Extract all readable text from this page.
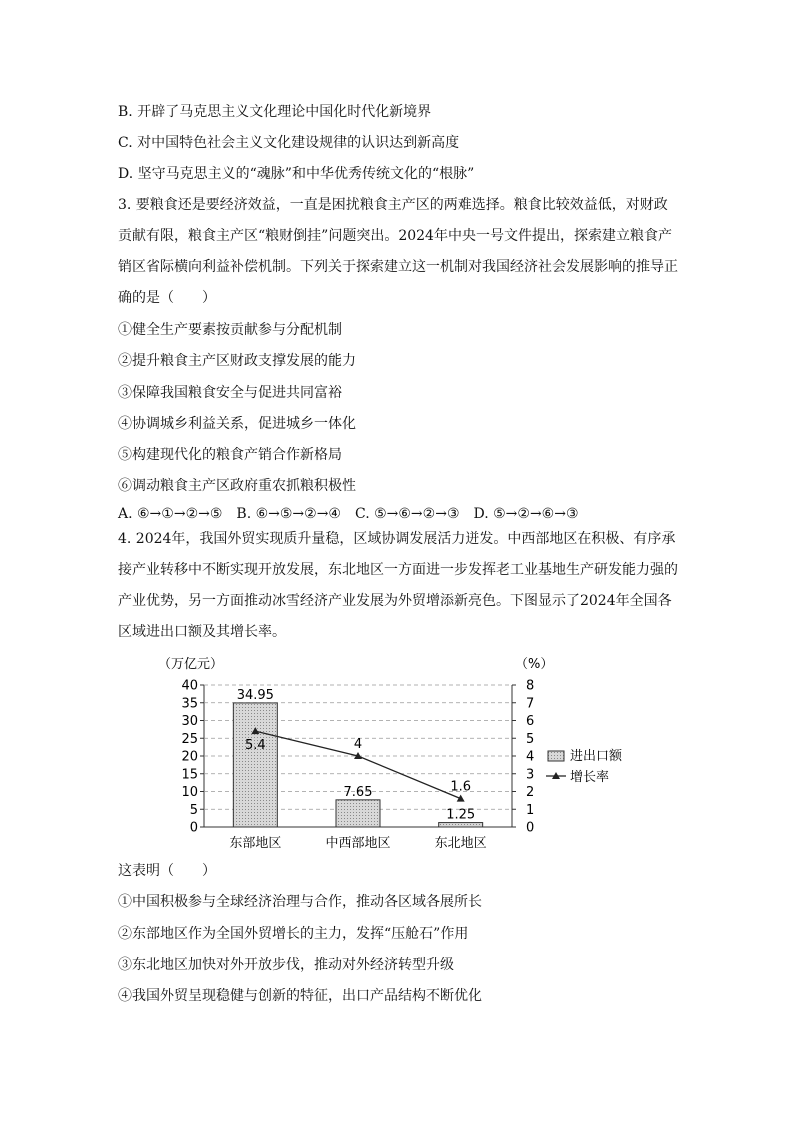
B. 开辟了马克思主义文化理论中国化时代化新境界
C. 对中国特色社会主义文化建设规律的认识达到新高度
D. 坚守马克思主义的“魂脉”和中华优秀传统文化的“根脉”
3. 要粮食还是要经济效益，一直是困扰粮食主产区的两难选择。粮食比较效益低，对财政
贡献有限，粮食主产区“粮财倒挂”问题突出。2024年中央一号文件提出，探索建立粮食产
销区省际横向利益补偿机制。下列关于探索建立这一机制对我国经济社会发展影响的推导正
确的是（　　）
①健全生产要素按贡献参与分配机制
②提升粮食主产区财政支撑发展的能力
③保障我国粮食安全与促进共同富裕
④协调城乡利益关系，促进城乡一体化
⑤构建现代化的粮食产销合作新格局
⑥调动粮食主产区政府重农抓粮积极性
A. ⑥→①→②→⑤　B. ⑥→⑤→②→④　C. ⑤→⑥→②→③　D. ⑤→②→⑥→③
4. 2024年，我国外贸实现质升量稳，区域协调发展活力迸发。中西部地区在积极、有序承
接产业转移中不断实现开放发展，东北地区一方面进一步发挥老工业基地生产研发能力强的
产业优势，另一方面推动冰雪经济产业发展为外贸增添新亮色。下图显示了2024年全国各
区域进出口额及其增长率。
（万亿元）	（%）
0
5
10
15
20
25
30
35
40
0
1
2
3
4
5
6
7
8
34.95
东部地区
7.65
中西部地区
1.25
东北地区
5.4	4
1.6
进出口额
增长率
这表明（　　）
①中国积极参与全球经济治理与合作，推动各区域各展所长
②东部地区作为全国外贸增长的主力，发挥“压舱石”作用
③东北地区加快对外开放步伐，推动对外经济转型升级
④我国外贸呈现稳健与创新的特征，出口产品结构不断优化
